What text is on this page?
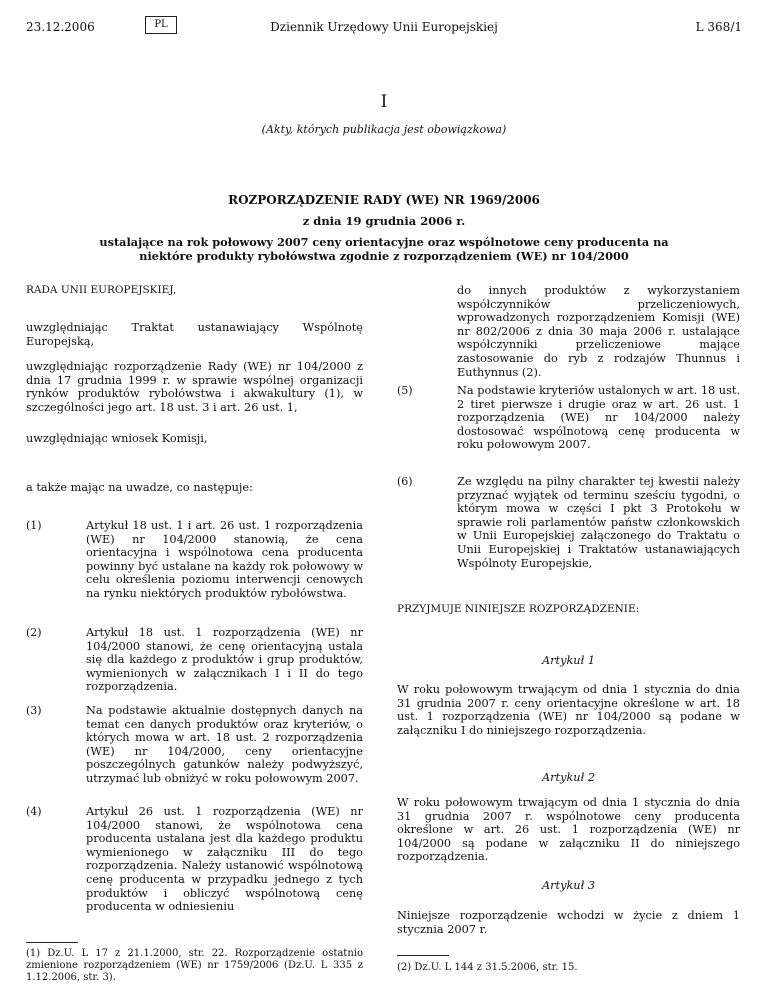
23.12.2006	PL	Dziennik Urzędowy Unii Europejskiej	L 368/1
I
(Akty, których publikacja jest obowiązkowa)
ROZPORZĄDZENIE RADY (WE) NR 1969/2006
z dnia 19 grudnia 2006 r.
ustalające na rok połowowy 2007 ceny orientacyjne oraz wspólnotowe ceny producenta na
niektóre produkty rybołówstwa zgodnie z rozporządzeniem (WE) nr 104/2000
RADA UNII EUROPEJSKIEJ,
uwzględniając Traktat ustanawiający Wspólnotę Europejską,
uwzględniając rozporządzenie Rady (WE) nr 104/2000 z dnia 17 grudnia 1999 r. w sprawie wspólnej organizacji rynków produktów rybołówstwa i akwakultury (1), w szczególności jego art. 18 ust. 3 i art. 26 ust. 1,
uwzględniając wniosek Komisji,
a także mając na uwadze, co następuje:
(1)	Artykuł 18 ust. 1 i art. 26 ust. 1 rozporządzenia (WE) nr 104/2000 stanowią, że cena orientacyjna i wspólnotowa cena producenta powinny być ustalane na każdy rok połowowy w celu określenia poziomu interwencji cenowych na rynku niektórych produktów rybołówstwa.
(2)	Artykuł 18 ust. 1 rozporządzenia (WE) nr 104/2000 stanowi, że cenę orientacyjną ustala się dla każdego z produktów i grup produktów, wymienionych w załącznikach I i II do tego rozporządzenia.
(3)	Na podstawie aktualnie dostępnych danych na temat cen danych produktów oraz kryteriów, o których mowa w art. 18 ust. 2 rozporządzenia (WE) nr 104/2000, ceny orientacyjne poszczególnych gatunków należy podwyższyć, utrzymać lub obniżyć w roku połowowym 2007.
(4)	Artykuł 26 ust. 1 rozporządzenia (WE) nr 104/2000 stanowi, że wspólnotowa cena producenta ustalana jest dla każdego produktu wymienionego w załączniku III do tego rozporządzenia. Należy ustanowić wspólnotową cenę producenta w przypadku jednego z tych produktów i obliczyć wspólnotową cenę producenta w odniesieniu
(1) Dz.U. L 17 z 21.1.2000, str. 22. Rozporządzenie ostatnio zmienione rozporządzeniem (WE) nr 1759/2006 (Dz.U. L 335 z 1.12.2006, str. 3).
do innych produktów z wykorzystaniem współczynników przeliczeniowych, wprowadzonych rozporządzeniem Komisji (WE) nr 802/2006 z dnia 30 maja 2006 r. ustalające współczynniki przeliczeniowe mające zastosowanie do ryb z rodzajów Thunnus i Euthynnus (2).
(5)	Na podstawie kryteriów ustalonych w art. 18 ust. 2 tiret pierwsze i drugie oraz w art. 26 ust. 1 rozporządzenia (WE) nr 104/2000 należy dostosować wspólnotową cenę producenta w roku połowowym 2007.
(6)	Ze względu na pilny charakter tej kwestii należy przyznać wyjątek od terminu sześciu tygodni, o którym mowa w części I pkt 3 Protokołu w sprawie roli parlamentów państw członkowskich w Unii Europejskiej załączonego do Traktatu o Unii Europejskiej i Traktatów ustanawiających Wspólnoty Europejskie,
PRZYJMUJE NINIEJSZE ROZPORZĄDZENIE:
Artykuł 1
W roku połowowym trwającym od dnia 1 stycznia do dnia 31 grudnia 2007 r. ceny orientacyjne określone w art. 18 ust. 1 rozporządzenia (WE) nr 104/2000 są podane w załączniku I do niniejszego rozporządzenia.
Artykuł 2
W roku połowowym trwającym od dnia 1 stycznia do dnia 31 grudnia 2007 r. wspólnotowe ceny producenta określone w art. 26 ust. 1 rozporządzenia (WE) nr 104/2000 są podane w załączniku II do niniejszego rozporządzenia.
Artykuł 3
Niniejsze rozporządzenie wchodzi w życie z dniem 1 stycznia 2007 r.
(2) Dz.U. L 144 z 31.5.2006, str. 15.
